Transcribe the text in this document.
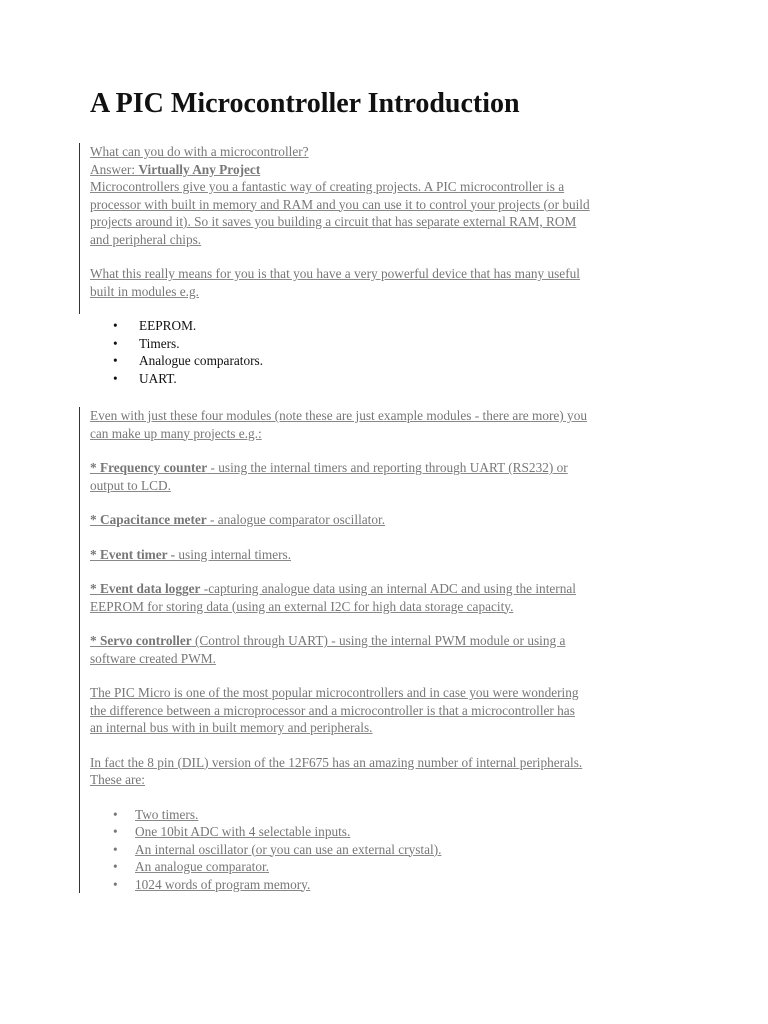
A PIC Microcontroller Introduction
What can you do with a microcontroller?
Answer: Virtually Any Project
Microcontrollers give you a fantastic way of creating projects. A PIC microcontroller is a
processor with built in memory and RAM and you can use it to control your projects (or build
projects around it). So it saves you building a circuit that has separate external RAM, ROM
and peripheral chips.
What this really means for you is that you have a very powerful device that has many useful
built in modules e.g.
• EEPROM.
• Timers.
• Analogue comparators.
• UART.
Even with just these four modules (note these are just example modules - there are more) you
can make up many projects e.g.:
* Frequency counter - using the internal timers and reporting through UART (RS232) or
output to LCD.
* Capacitance meter - analogue comparator oscillator.
* Event timer - using internal timers.
* Event data logger -capturing analogue data using an internal ADC and using the internal
EEPROM for storing data (using an external I2C for high data storage capacity.
* Servo controller (Control through UART) - using the internal PWM module or using a
software created PWM.
The PIC Micro is one of the most popular microcontrollers and in case you were wondering
the difference between a microprocessor and a microcontroller is that a microcontroller has
an internal bus with in built memory and peripherals.
In fact the 8 pin (DIL) version of the 12F675 has an amazing number of internal peripherals.
These are:
• Two timers.
• One 10bit ADC with 4 selectable inputs.
• An internal oscillator (or you can use an external crystal).
• An analogue comparator.
• 1024 words of program memory.
